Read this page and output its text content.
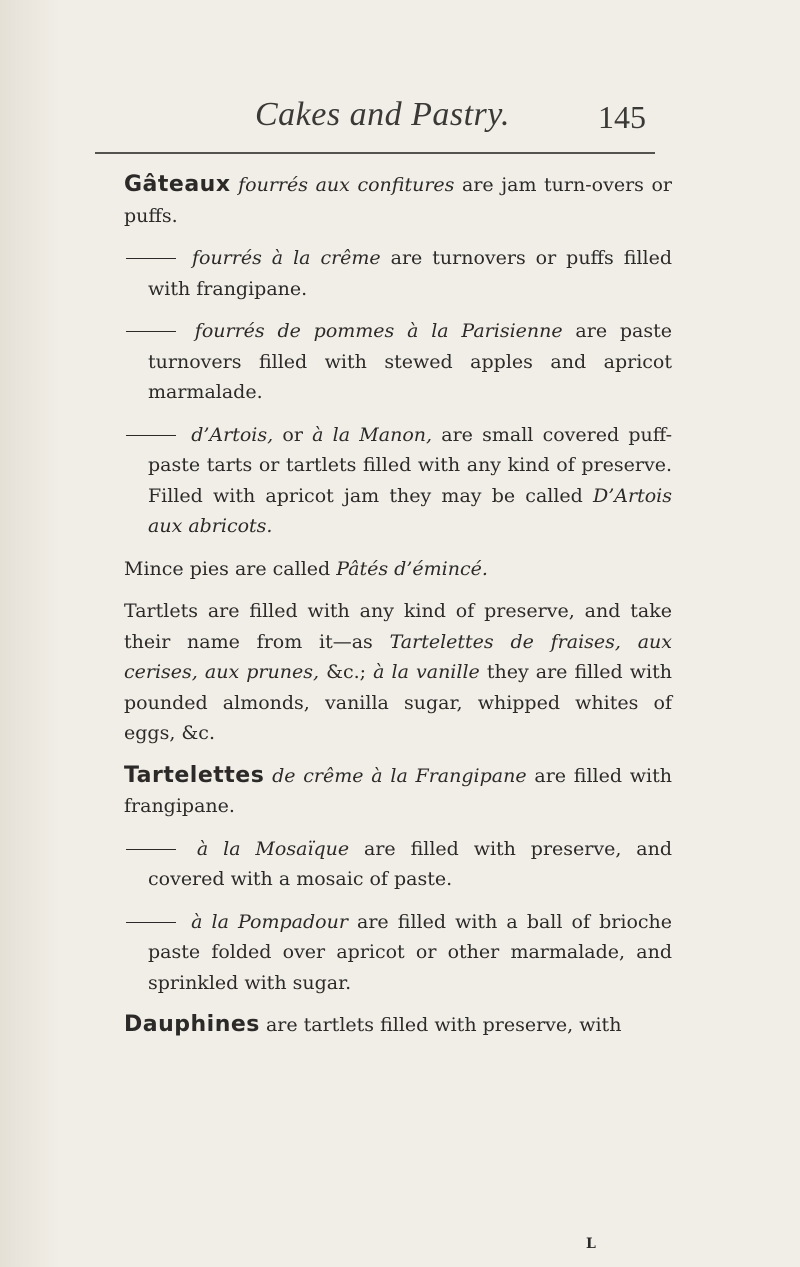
Cakes and Pastry.	145

Gâteaux fourrés aux confitures are jam turn-overs or puffs.

fourrés à la crême are turnovers or puffs filled with frangipane.

fourrés de pommes à la Parisienne are paste turnovers filled with stewed apples and apricot marmalade.

d’Artois, or à la Manon, are small covered puff-paste tarts or tartlets filled with any kind of preserve. Filled with apricot jam they may be called D’Artois aux abricots.

Mince pies are called Pâtés d’émincé.

Tartlets are filled with any kind of preserve, and take their name from it—as Tartelettes de fraises, aux cerises, aux prunes, &c.; à la vanille they are filled with pounded almonds, vanilla sugar, whipped whites of eggs, &c.

Tartelettes de crême à la Frangipane are filled with frangipane.

à la Mosaïque are filled with preserve, and covered with a mosaic of paste.

à la Pompadour are filled with a ball of brioche paste folded over apricot or other marmalade, and sprinkled with sugar.

Dauphines are tartlets filled with preserve, with

L
